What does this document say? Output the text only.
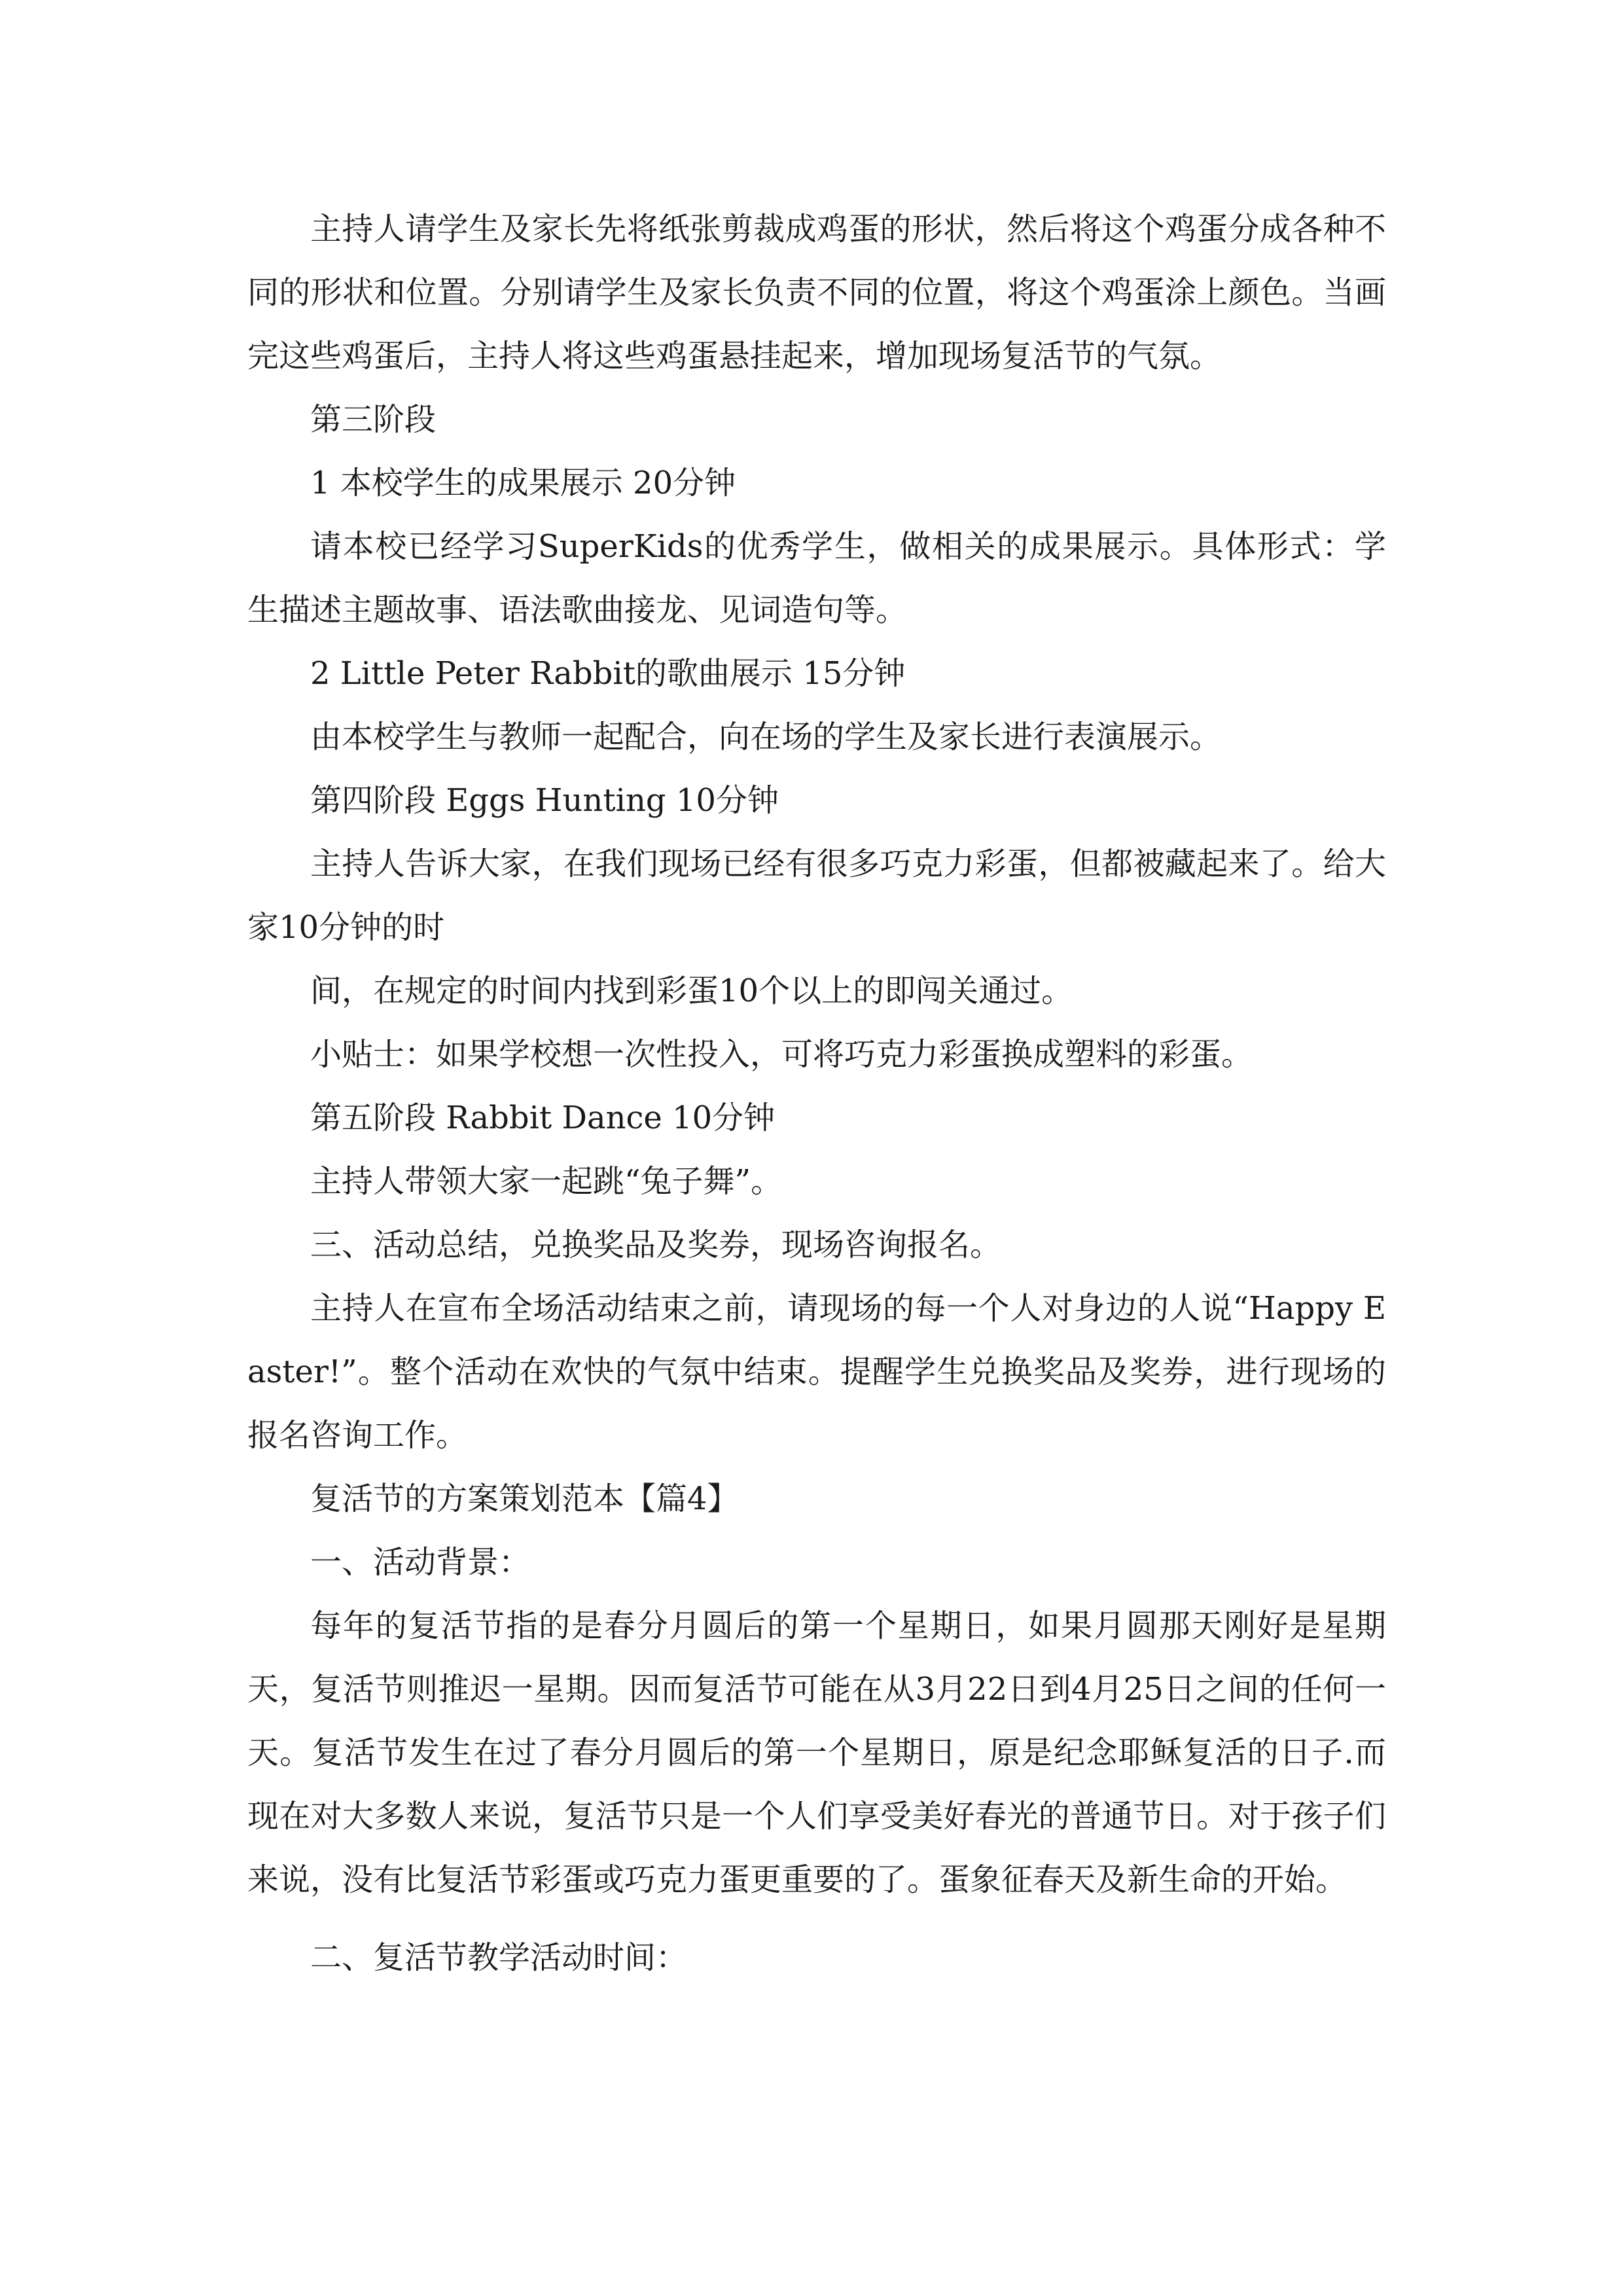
主持人请学生及家长先将纸张剪裁成鸡蛋的形状，然后将这个鸡蛋分成各种不同的形状和位置。分别请学生及家长负责不同的位置，将这个鸡蛋涂上颜色。当画完这些鸡蛋后，主持人将这些鸡蛋悬挂起来，增加现场复活节的气氛。

第三阶段

1 本校学生的成果展示 20分钟

请本校已经学习SuperKids的优秀学生，做相关的成果展示。具体形式：学生描述主题故事、语法歌曲接龙、见词造句等。

2 Little Peter Rabbit的歌曲展示 15分钟

由本校学生与教师一起配合，向在场的学生及家长进行表演展示。

第四阶段 Eggs Hunting 10分钟

主持人告诉大家，在我们现场已经有很多巧克力彩蛋，但都被藏起来了。给大家10分钟的时

间，在规定的时间内找到彩蛋10个以上的即闯关通过。

小贴士：如果学校想一次性投入，可将巧克力彩蛋换成塑料的彩蛋。

第五阶段 Rabbit Dance 10分钟

主持人带领大家一起跳“兔子舞”。

三、活动总结，兑换奖品及奖券，现场咨询报名。

主持人在宣布全场活动结束之前，请现场的每一个人对身边的人说“Happy Easter!”。整个活动在欢快的气氛中结束。提醒学生兑换奖品及奖券，进行现场的报名咨询工作。

复活节的方案策划范本【篇4】

一、活动背景：

每年的复活节指的是春分月圆后的第一个星期日，如果月圆那天刚好是星期天，复活节则推迟一星期。因而复活节可能在从3月22日到4月25日之间的任何一天。复活节发生在过了春分月圆后的第一个星期日，原是纪念耶稣复活的日子.而现在对大多数人来说，复活节只是一个人们享受美好春光的普通节日。对于孩子们来说，没有比复活节彩蛋或巧克力蛋更重要的了。蛋象征春天及新生命的开始。

二、复活节教学活动时间：
